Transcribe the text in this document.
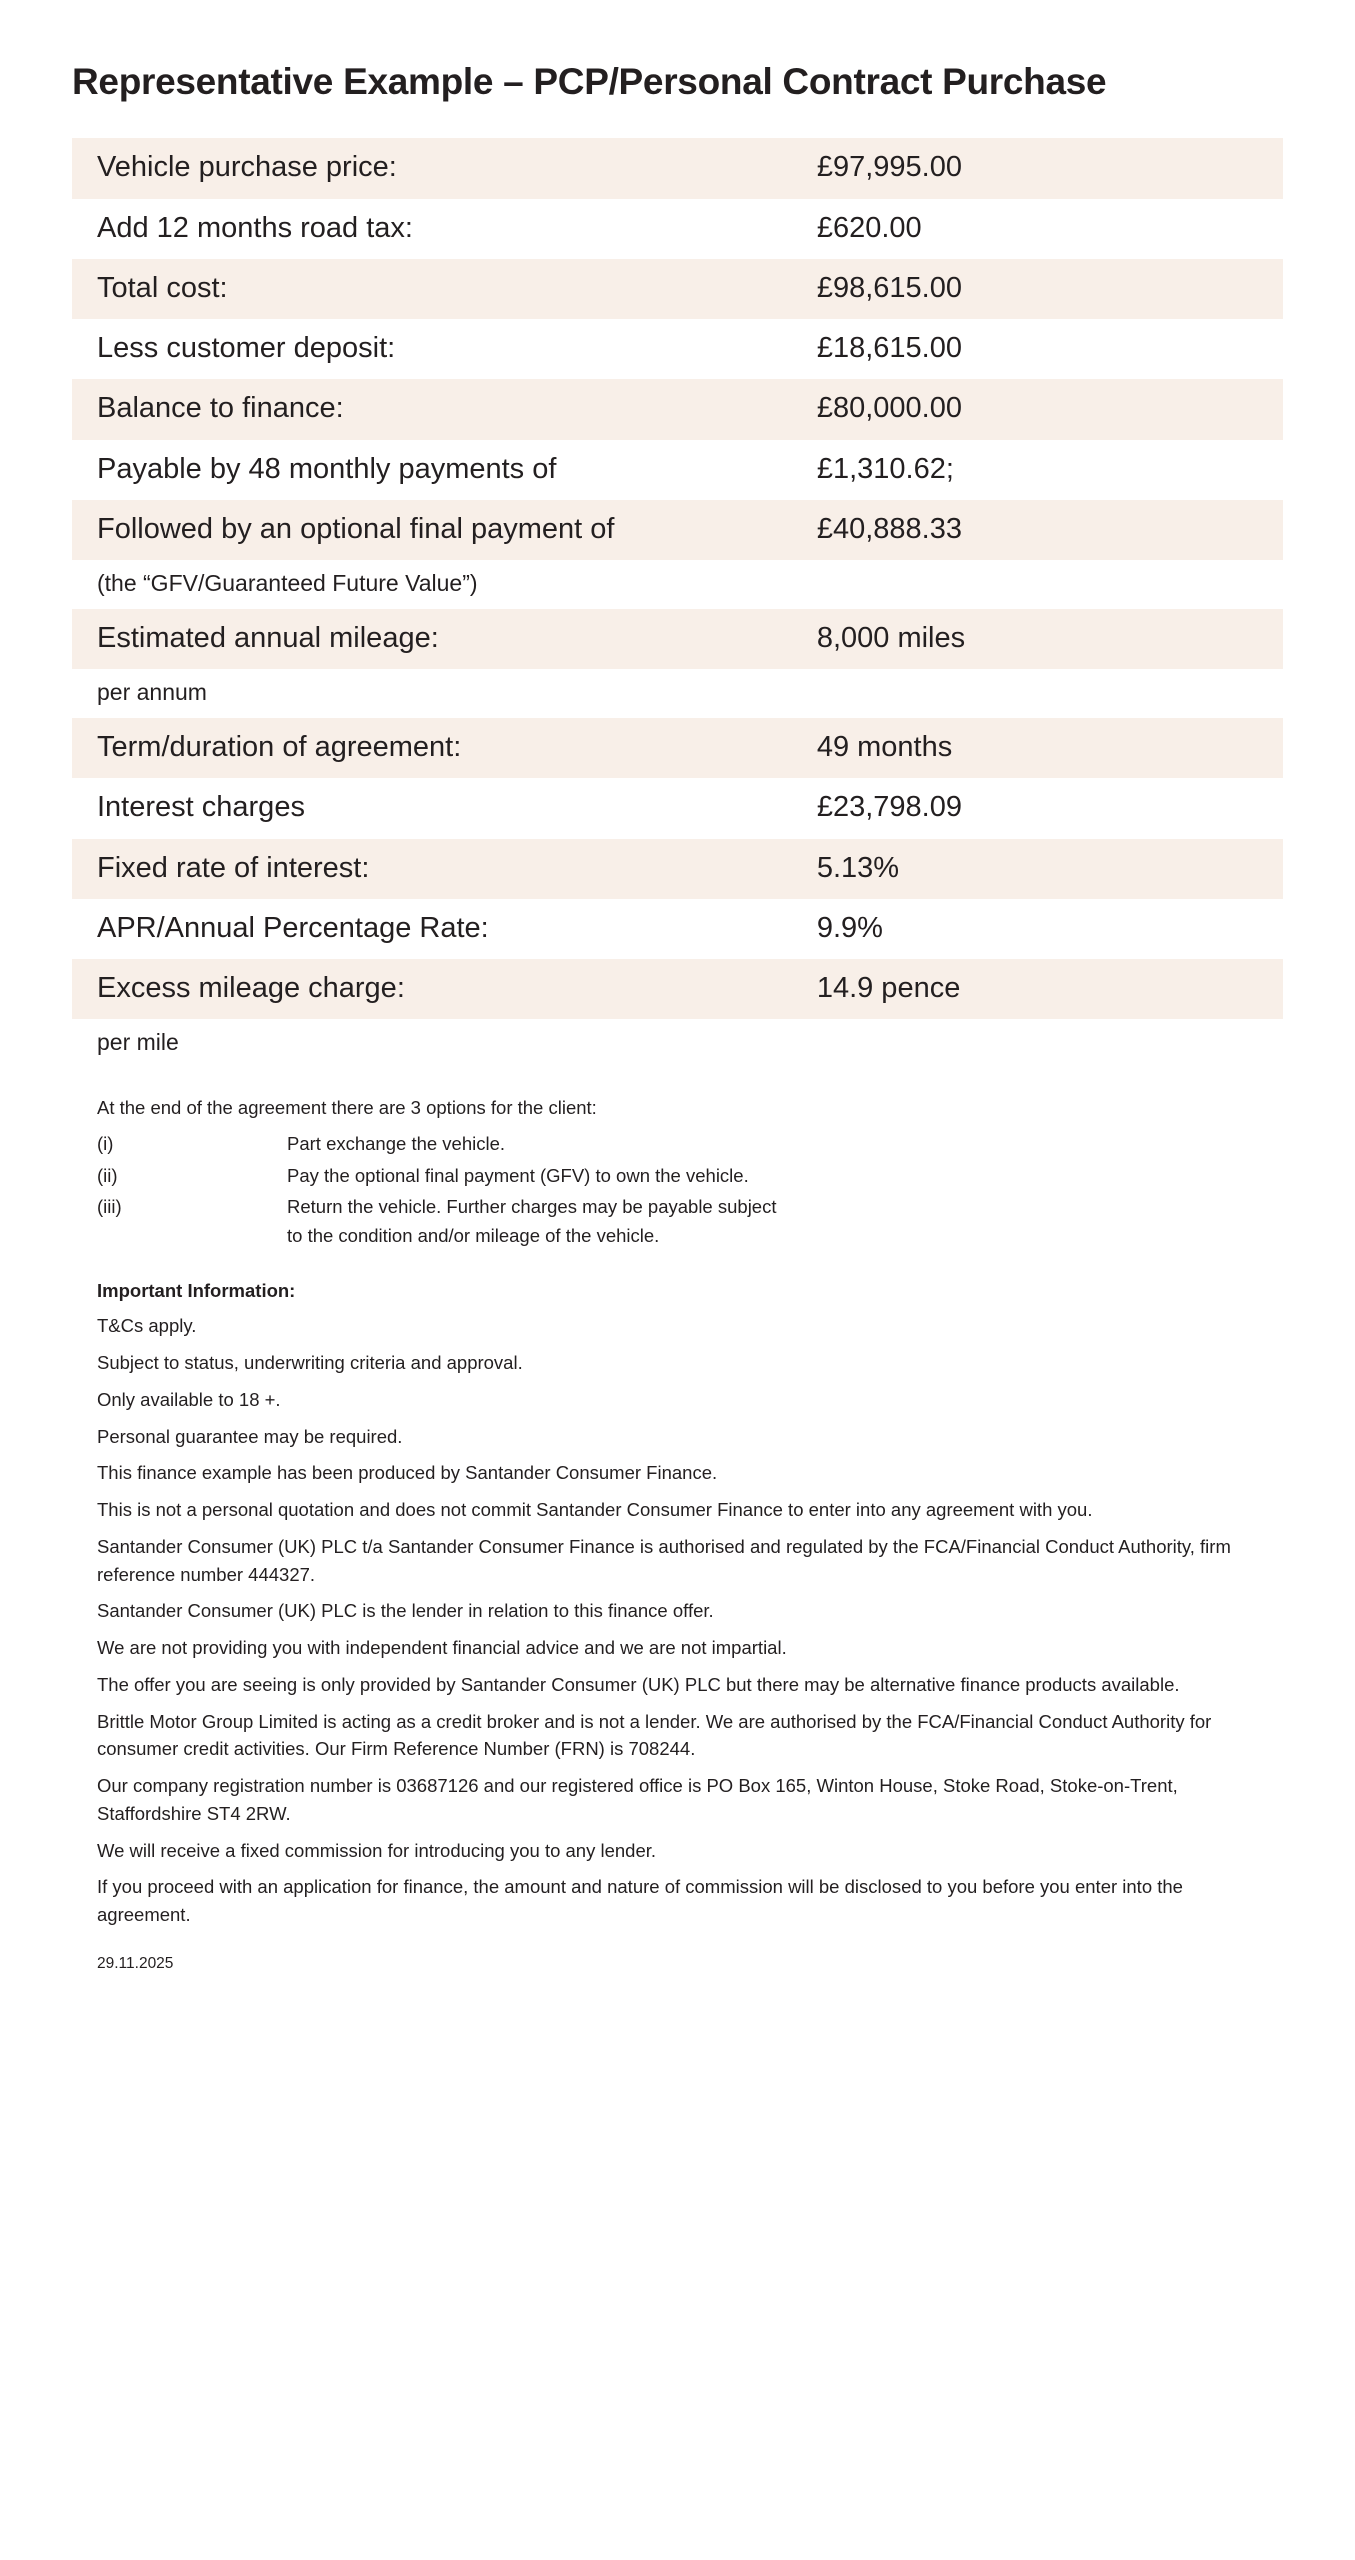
Representative Example – PCP/Personal Contract Purchase
Vehicle purchase price:	£97,995.00
Add 12 months road tax:	£620.00
Total cost:	£98,615.00
Less customer deposit:	£18,615.00
Balance to finance:	£80,000.00
Payable by 48 monthly payments of	£1,310.62;
Followed by an optional final payment of	£40,888.33
(the “GFV/Guaranteed Future Value”)
Estimated annual mileage:	8,000 miles
per annum
Term/duration of agreement:	49 months
Interest charges	£23,798.09
Fixed rate of interest:	5.13%
APR/Annual Percentage Rate:	9.9%
Excess mileage charge:	14.9 pence
per mile
At the end of the agreement there are 3 options for the client:
(i)	Part exchange the vehicle.
(ii)	Pay the optional final payment (GFV) to own the vehicle.
(iii)	Return the vehicle. Further charges may be payable subject
to the condition and/or mileage of the vehicle.
Important Information:

T&Cs apply.

Subject to status, underwriting criteria and approval.

Only available to 18 +.

Personal guarantee may be required.

This finance example has been produced by Santander Consumer Finance.

This is not a personal quotation and does not commit Santander Consumer Finance to enter into any agreement with you.

Santander Consumer (UK) PLC t/a Santander Consumer Finance is authorised and regulated by the FCA/Financial Conduct Authority, firm reference number 444327.

Santander Consumer (UK) PLC is the lender in relation to this finance offer.

We are not providing you with independent financial advice and we are not impartial.

The offer you are seeing is only provided by Santander Consumer (UK) PLC but there may be alternative finance products available.

Brittle Motor Group Limited is acting as a credit broker and is not a lender. We are authorised by the FCA/Financial Conduct Authority for consumer credit activities. Our Firm Reference Number (FRN) is 708244.

Our company registration number is 03687126 and our registered office is PO Box 165, Winton House, Stoke Road, Stoke-on-Trent, Staffordshire ST4 2RW.

We will receive a fixed commission for introducing you to any lender.

If you proceed with an application for finance, the amount and nature of commission will be disclosed to you before you enter into the agreement.

29.11.2025
